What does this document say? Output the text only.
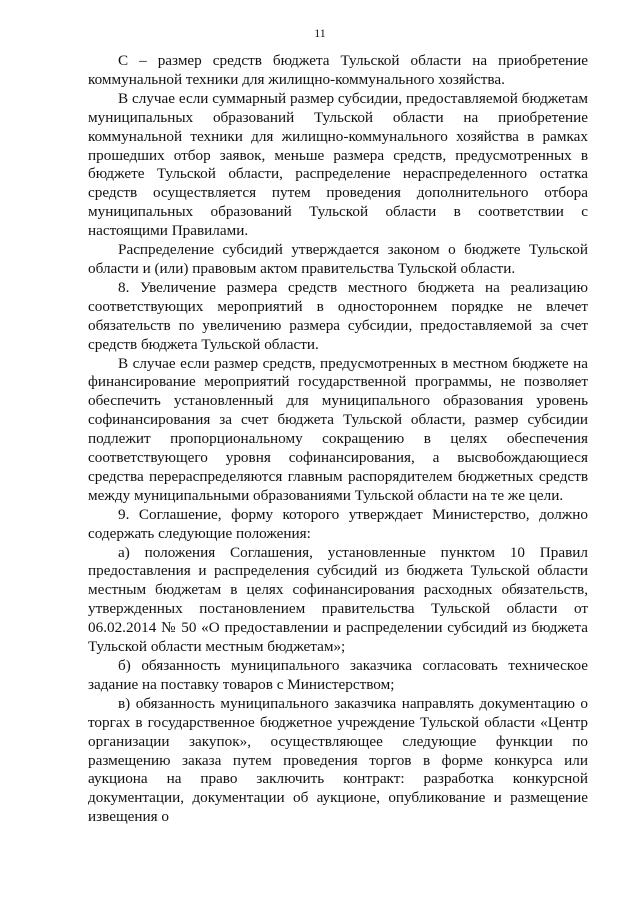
11

С – размер средств бюджета Тульской области на приобретение коммунальной техники для жилищно-коммунального хозяйства.

В случае если суммарный размер субсидии, предоставляемой бюджетам муниципальных образований Тульской области на приобретение коммунальной техники для жилищно-коммунального хозяйства в рамках прошедших отбор заявок, меньше размера средств, предусмотренных в бюджете Тульской области, распределение нераспределенного остатка средств осуществляется путем проведения дополнительного отбора муниципальных образований Тульской области в соответствии с настоящими Правилами.

Распределение субсидий утверждается законом о бюджете Тульской области и (или) правовым актом правительства Тульской области.

8. Увеличение размера средств местного бюджета на реализацию соответствующих мероприятий в одностороннем порядке не влечет обязательств по увеличению размера субсидии, предоставляемой за счет средств бюджета Тульской области.

В случае если размер средств, предусмотренных в местном бюджете на финансирование мероприятий государственной программы, не позволяет обеспечить установленный для муниципального образования уровень софинансирования за счет бюджета Тульской области, размер субсидии подлежит пропорциональному сокращению в целях обеспечения соответствующего уровня софинансирования, а высвобождающиеся средства перераспределяются главным распорядителем бюджетных средств между муниципальными образованиями Тульской области на те же цели.

9. Соглашение, форму которого утверждает Министерство, должно содержать следующие положения:

а) положения Соглашения, установленные пунктом 10 Правил предоставления и распределения субсидий из бюджета Тульской области местным бюджетам в целях софинансирования расходных обязательств, утвержденных постановлением правительства Тульской области от 06.02.2014 № 50 «О предоставлении и распределении субсидий из бюджета Тульской области местным бюджетам»;

б) обязанность муниципального заказчика согласовать техническое задание на поставку товаров с Министерством;

в) обязанность муниципального заказчика направлять документацию о торгах в государственное бюджетное учреждение Тульской области «Центр организации закупок», осуществляющее следующие функции по размещению заказа путем проведения торгов в форме конкурса или аукциона на право заключить контракт: разработка конкурсной документации, документации об аукционе, опубликование и размещение извещения о
